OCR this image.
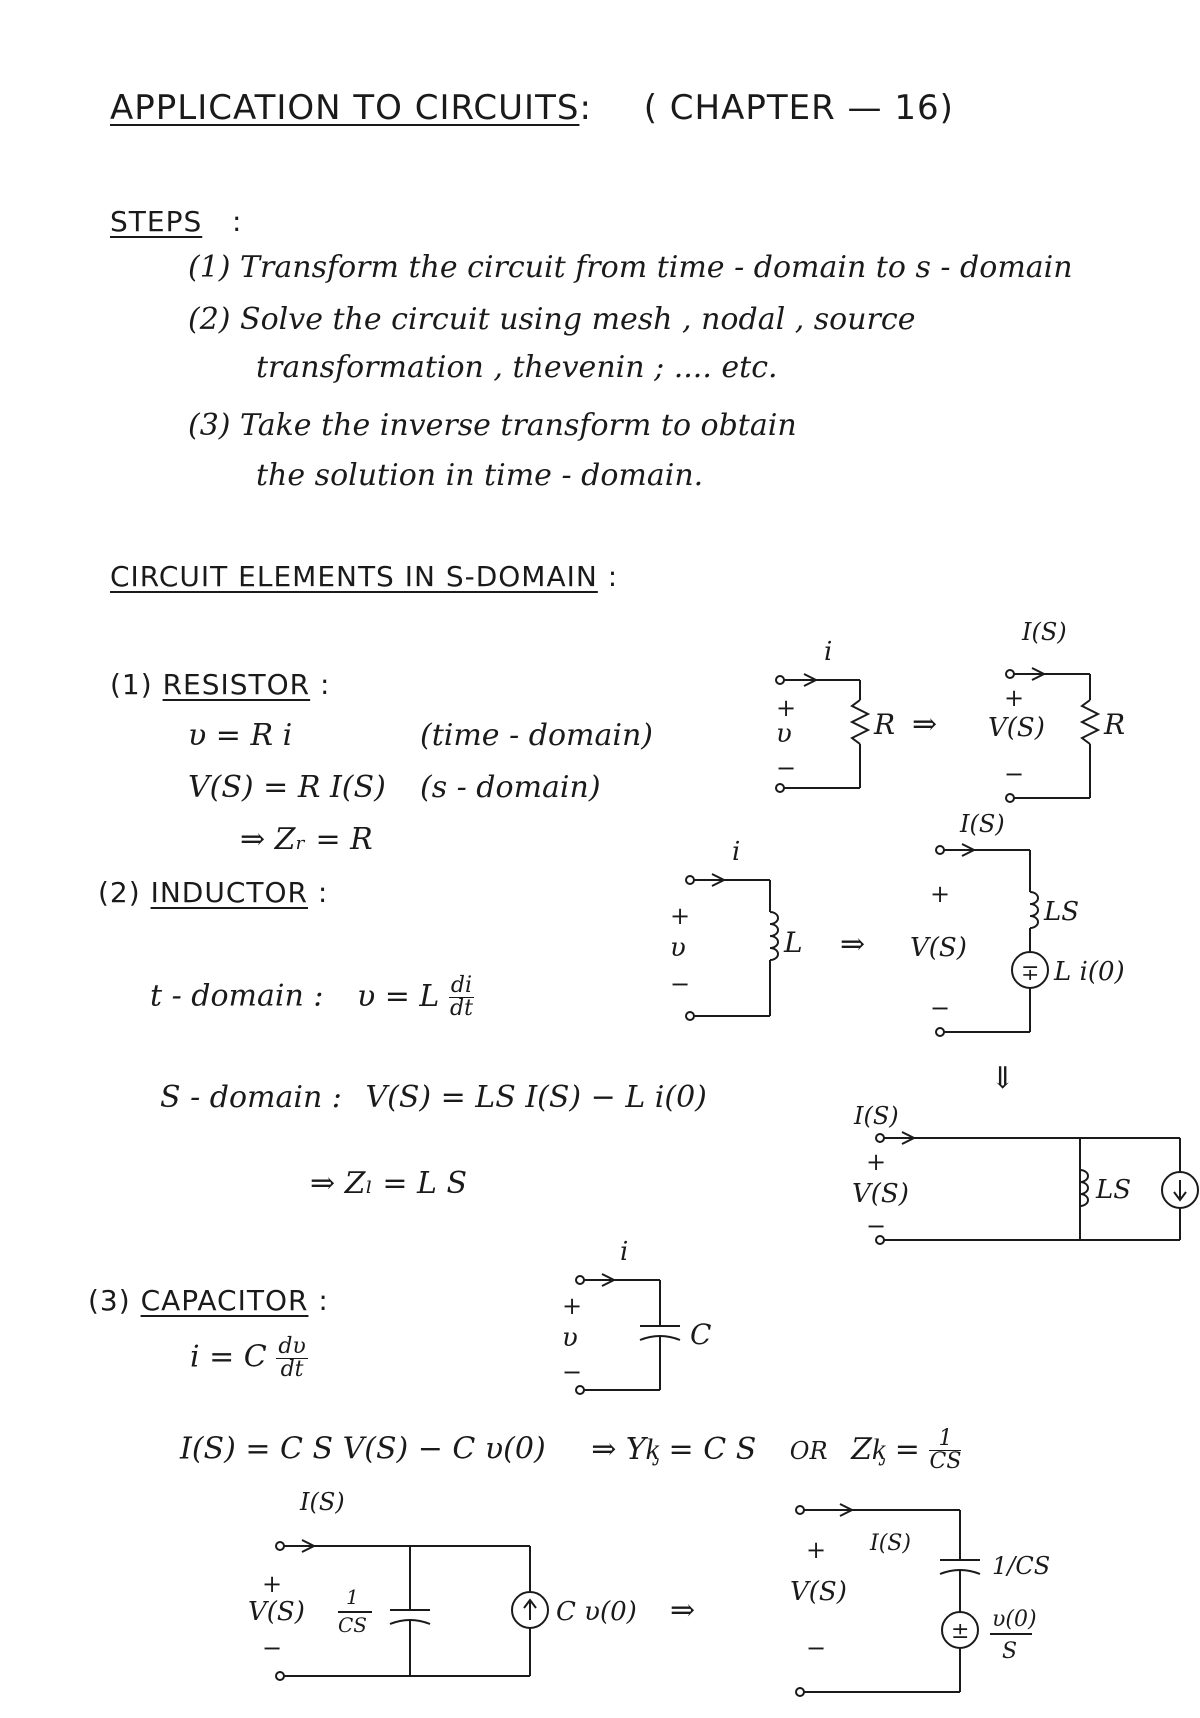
APPLICATION TO CIRCUITS: ( CHAPTER — 16)
STEPS :
(1) Transform the circuit from time - domain to s - domain
(2) Solve the circuit using mesh , nodal , source
transformation , thevenin ; .... etc.
(3) Take the inverse transform to obtain
the solution in time - domain.
CIRCUIT ELEMENTS IN S-DOMAIN :
(1) RESISTOR :
υ = R i	(time - domain)
V(S) = R I(S) (s - domain)
⇒ Zᵣ = R
i
+
υ
−
R ⇒
I(S)
+
V(S)
−
R
(2) INDUCTOR :
t - domain : υ = L $\frac{di}{dt}$
S - domain : V(S) = LS I(S) − L i(0)
⇒ Zₗ = L S
i
+
υ
−
L ⇒
I(S)
+
V(S)
−
LS
∓ L i(0)
⇓
I(S)
+
V(S)
−
LS
(3) CAPACITOR :
i = C $\frac{d\upsilon}{dt}$
I(S) = C S V(S) − C υ(0) ⇒ Yᶄ = C S OR Zᶄ = $\frac{1}{CS}$
i
+
υ
−
C
I(S)
+
V(S)
−
1
CS	C υ(0) ⇒
+ I(S)
V(S)
−
1/CS
± υ(0)
S
